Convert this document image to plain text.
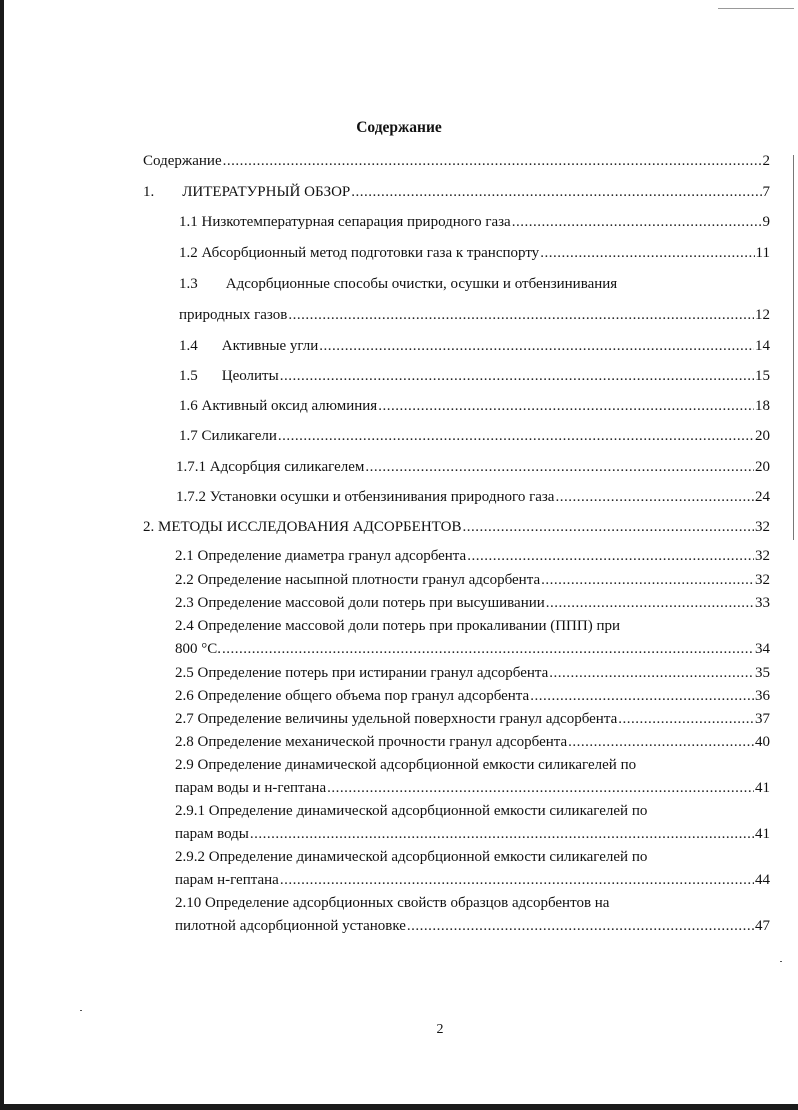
Содержание
Содержание .....	2
1. ЛИТЕРАТУРНЫЙ ОБЗОР .....	7
1.1 Низкотемпературная сепарация природного газа .....	9
1.2 Абсорбционный метод подготовки газа к транспорту .....	11
1.3 Адсорбционные способы очистки, осушки и отбензинивания
природных газов .....	12
1.4 Активные угли .....	14
1.5 Цеолиты .....	15
1.6 Активный оксид алюминия .....	18
1.7 Силикагели .....	20
1.7.1 Адсорбция силикагелем .....	20
1.7.2 Установки осушки и отбензинивания природного газа .....	24
2. МЕТОДЫ ИССЛЕДОВАНИЯ АДСОРБЕНТОВ .....	32
2.1 Определение диаметра гранул адсорбента .....	32
2.2 Определение насыпной плотности гранул адсорбента .....	32
2.3 Определение массовой доли потерь при высушивании .....	33
2.4 Определение массовой доли потерь при прокаливании (ППП) при
800 °С. .....	34
2.5 Определение потерь при истирании гранул адсорбента .....	35
2.6 Определение общего объема пор гранул адсорбента .....	36
2.7 Определение величины удельной поверхности гранул адсорбента .....	37
2.8 Определение механической прочности гранул адсорбента .....	40
2.9 Определение динамической адсорбционной емкости силикагелей по
парам воды и н-гептана .....	41
2.9.1 Определение динамической адсорбционной емкости силикагелей по
парам воды .....	41
2.9.2 Определение динамической адсорбционной емкости силикагелей по
парам н-гептана .....	44
2.10 Определение адсорбционных свойств образцов адсорбентов на
пилотной адсорбционной установке .....	47
2
